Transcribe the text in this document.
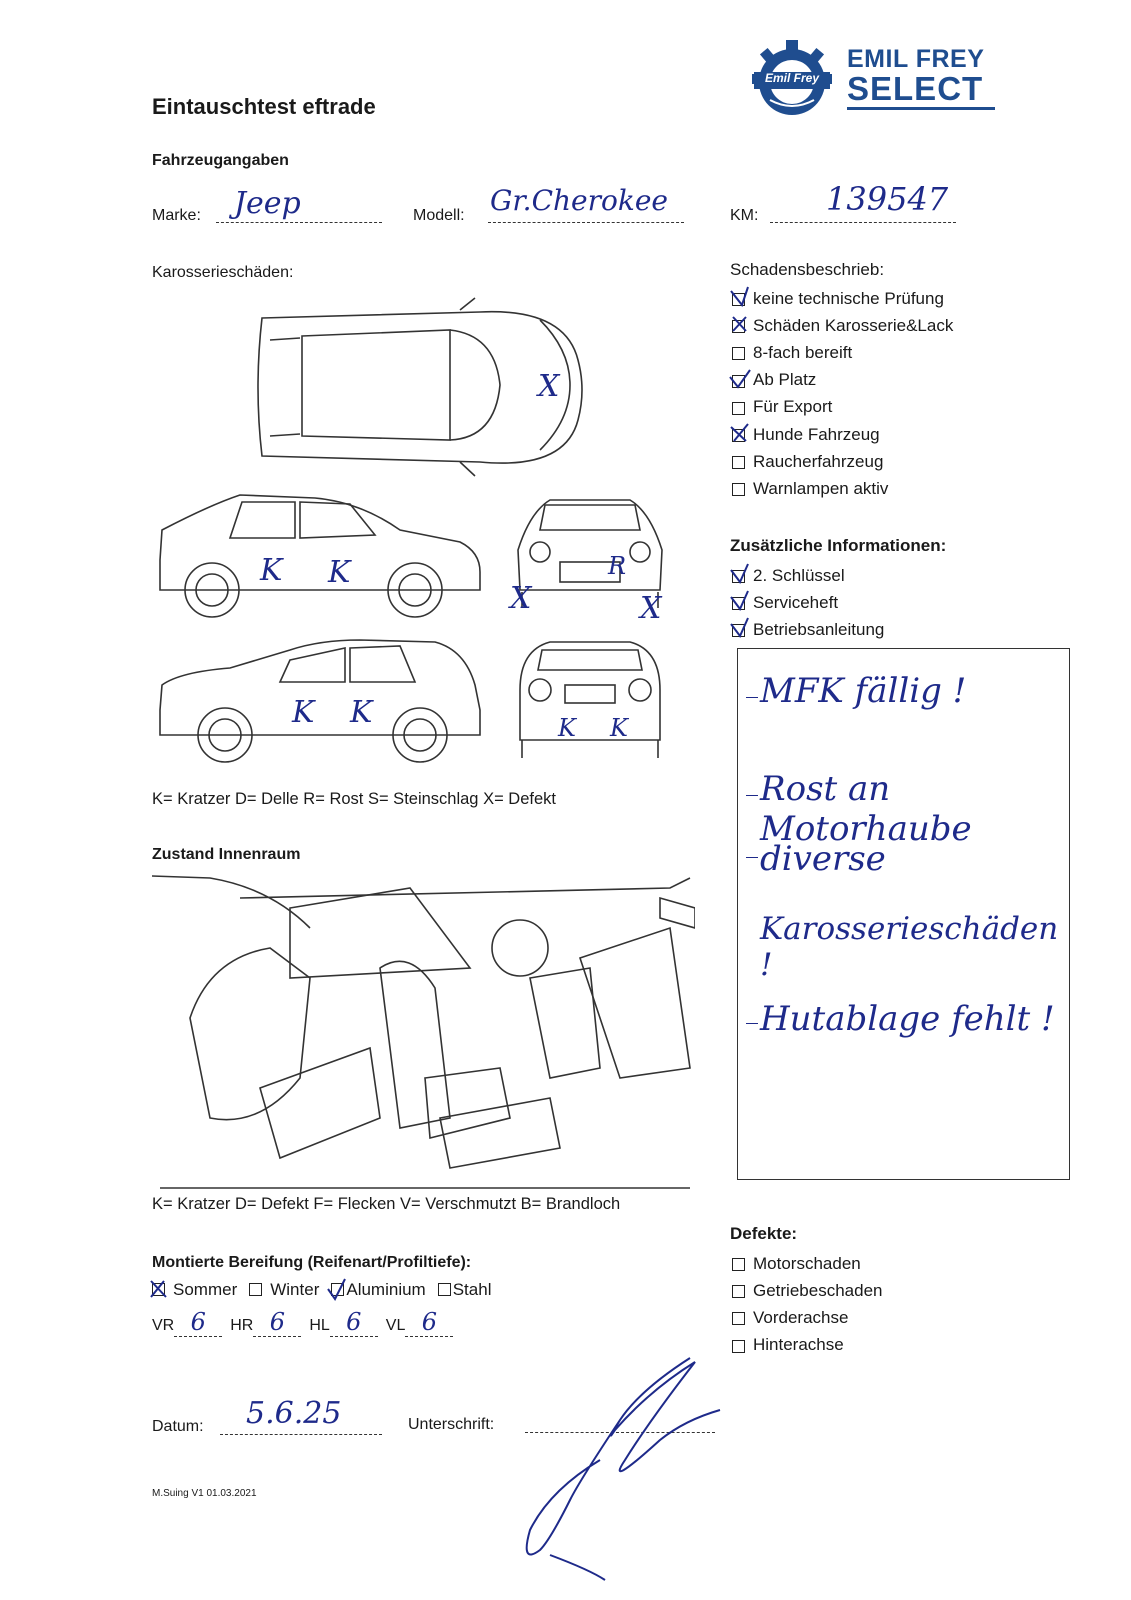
Emil Frey
EMIL FREY
SELECT
Eintauschtest eftrade
Fahrzeugangaben
Marke: Jeep	Modell: Gr.Cherokee	KM: 139547
Karosserieschäden:
X
K K
X
R
X
K K	K K
K= Kratzer D= Delle R= Rost S= Steinschlag X= Defekt
Schadensbeschrieb:
keine technische Prüfung
Schäden Karosserie&Lack
8-fach bereift
Ab Platz
Für Export
Hunde Fahrzeug
Raucherfahrzeug
Warnlampen aktiv
Zusätzliche Informationen:
2. Schlüssel
Serviceheft
Betriebsanleitung
MFK fällig !
Rost an Motorhaube
diverse
Karosserieschäden !
Hutablage fehlt !
Zustand Innenraum
K= Kratzer D= Defekt F= Flecken V= Verschmutzt B= Brandloch
Montierte Bereifung (Reifenart/Profiltiefe):
Sommer	Winter	Aluminium	Stahl
VR 6	HR 6	HL 6	VL 6
Defekte:
Motorschaden
Getriebeschaden
Vorderachse
Hinterachse
Datum: 5.6.25	Unterschrift:
M.Suing V1 01.03.2021
